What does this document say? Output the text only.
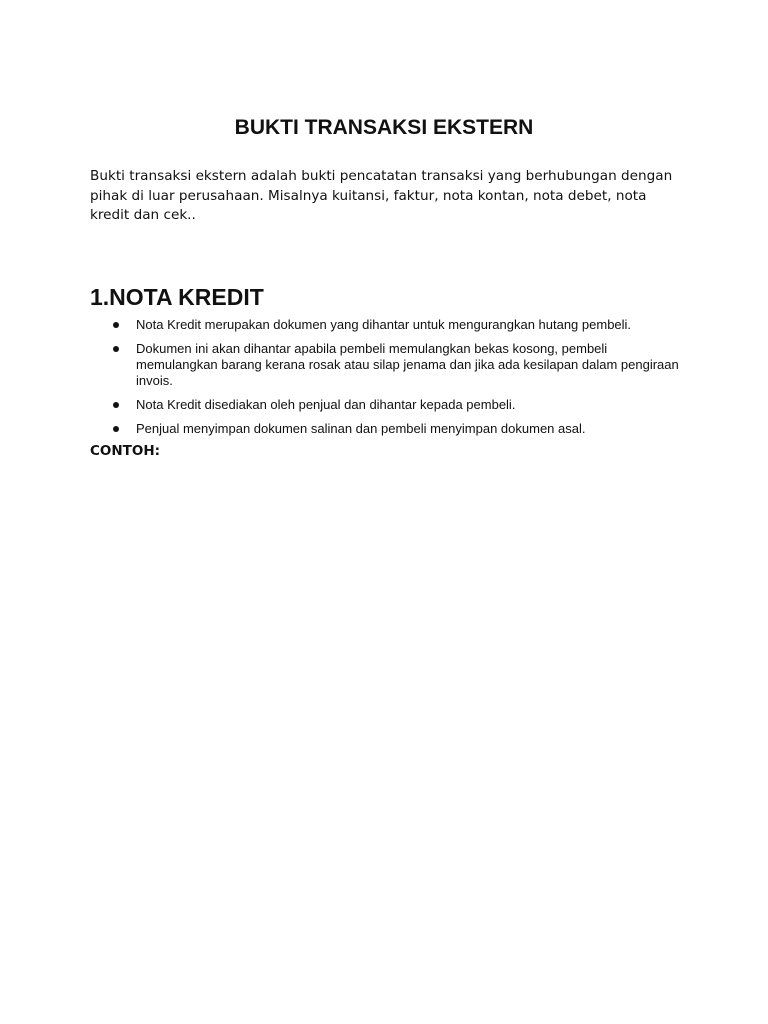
BUKTI TRANSAKSI EKSTERN

Bukti transaksi ekstern adalah bukti pencatatan transaksi yang berhubungan dengan pihak di luar perusahaan. Misalnya kuitansi, faktur, nota kontan, nota debet, nota kredit dan cek..

1.NOTA KREDIT
Nota Kredit merupakan dokumen yang dihantar untuk mengurangkan hutang pembeli.
Dokumen ini akan dihantar apabila pembeli memulangkan bekas kosong, pembeli memulangkan barang kerana rosak atau silap jenama dan jika ada kesilapan dalam pengiraan invois.
Nota Kredit disediakan oleh penjual dan dihantar kepada pembeli.
Penjual menyimpan dokumen salinan dan pembeli menyimpan dokumen asal.

CONTOH:
